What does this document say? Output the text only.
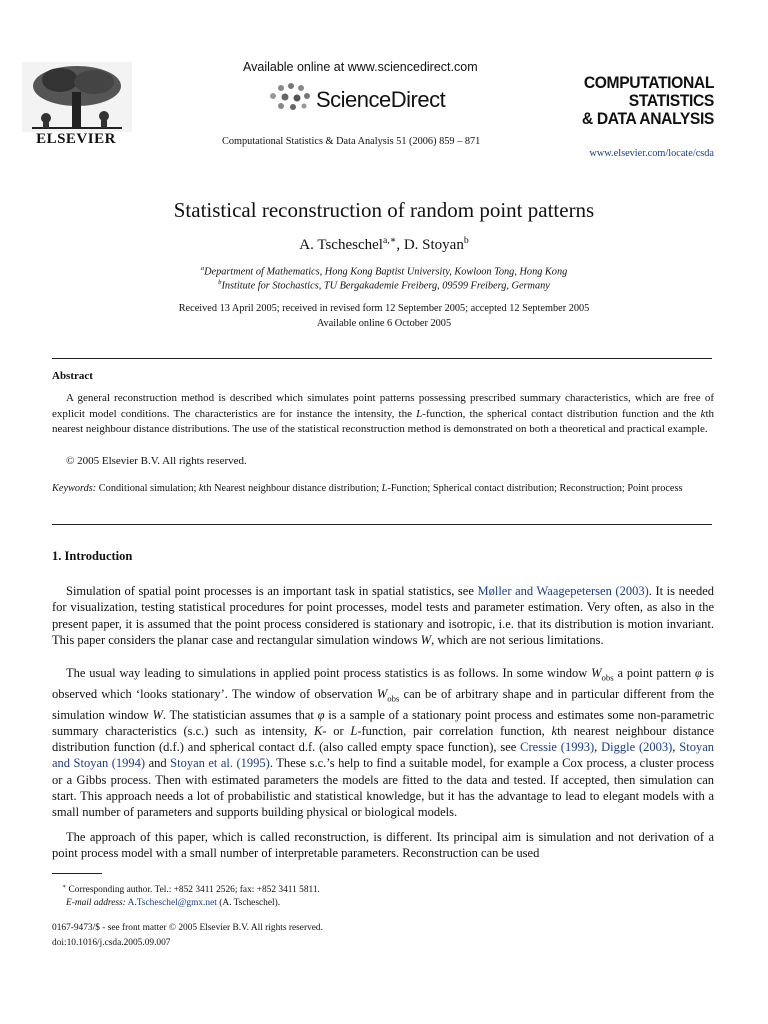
ELSEVIER
Available online at www.sciencedirect.com
ScienceDirect
Computational Statistics & Data Analysis 51 (2006) 859 – 871
COMPUTATIONAL
STATISTICS
& DATA ANALYSIS
www.elsevier.com/locate/csda
Statistical reconstruction of random point patterns
A. Tscheschel$^{a,∗}$, D. Stoyan$^b$
$^a$Department of Mathematics, Hong Kong Baptist University, Kowloon Tong, Hong Kong
$^b$Institute for Stochastics, TU Bergakademie Freiberg, 09599 Freiberg, Germany
Received 13 April 2005; received in revised form 12 September 2005; accepted 12 September 2005
Available online 6 October 2005
Abstract
A general reconstruction method is described which simulates point patterns possessing prescribed summary characteristics, which are free of explicit model conditions. The characteristics are for instance the intensity, the L-function, the spherical contact distribution function and the kth nearest neighbour distance distributions. The use of the statistical reconstruction method is demonstrated on both a theoretical and practical example.
© 2005 Elsevier B.V. All rights reserved.
Keywords: Conditional simulation; kth Nearest neighbour distance distribution; L-Function; Spherical contact distribution; Reconstruction; Point process
1. Introduction
Simulation of spatial point processes is an important task in spatial statistics, see Møller and Waagepetersen (2003). It is needed for visualization, testing statistical procedures for point processes, model tests and parameter estimation. Very often, as also in the present paper, it is assumed that the point process considered is stationary and isotropic, i.e. that its distribution is motion invariant. This paper considers the planar case and rectangular simulation windows W, which are not serious limitations.
The usual way leading to simulations in applied point process statistics is as follows. In some window $W_{obs}$ a point pattern φ is observed which ‘looks stationary’. The window of observation $W_{obs}$ can be of arbitrary shape and in particular different from the simulation window W. The statistician assumes that φ is a sample of a stationary point process and estimates some non-parametric summary characteristics (s.c.) such as intensity, K- or L-function, pair correlation function, kth nearest neighbour distance distribution function (d.f.) and spherical contact d.f. (also called empty space function), see Cressie (1993), Diggle (2003), Stoyan and Stoyan (1994) and Stoyan et al. (1995). These s.c.’s help to find a suitable model, for example a Cox process, a cluster process or a Gibbs process. Then with estimated parameters the models are fitted to the data and tested. If accepted, then simulation can start. This approach needs a lot of probabilistic and statistical knowledge, but it has the advantage to lead to elegant models with a small number of parameters and supports building physical or biological models.
The approach of this paper, which is called reconstruction, is different. Its principal aim is simulation and not derivation of a point process model with a small number of interpretable parameters. Reconstruction can be used
∗ Corresponding author. Tel.: +852 3411 2526; fax: +852 3411 5811.
E-mail address: A.Tscheschel@gmx.net (A. Tscheschel).
0167-9473/$ - see front matter © 2005 Elsevier B.V. All rights reserved.
doi:10.1016/j.csda.2005.09.007
